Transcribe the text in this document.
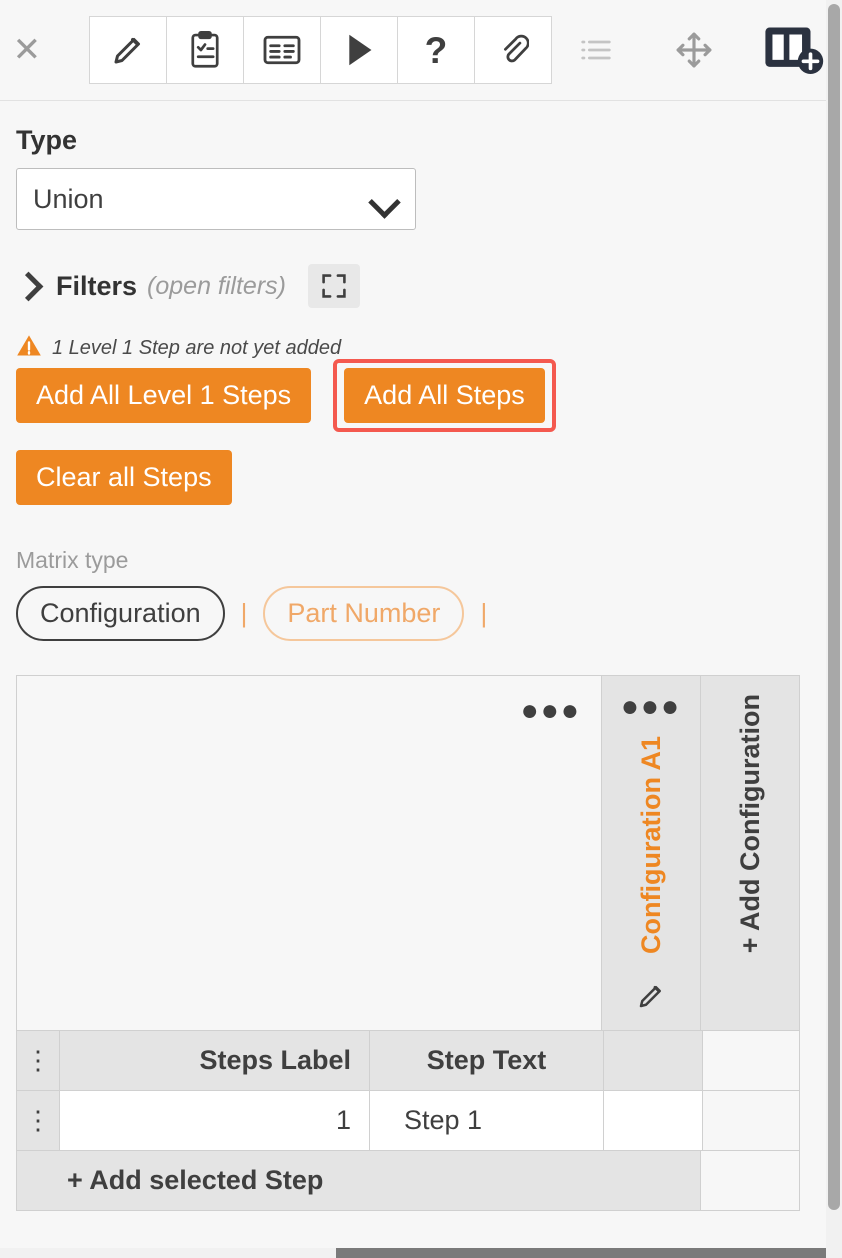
✕	?
Type
Union
Filters (open filters)
1 Level 1 Step are not yet added
Add All Level 1 Steps	Add All Steps
Clear all Steps
Matrix type
Configuration	|	Part Number	|
●●● ●●●
Configuration A1	+ Add Configuration
⋮	Steps Label	Step Text
⋮	1	Step 1
+ Add selected Step
